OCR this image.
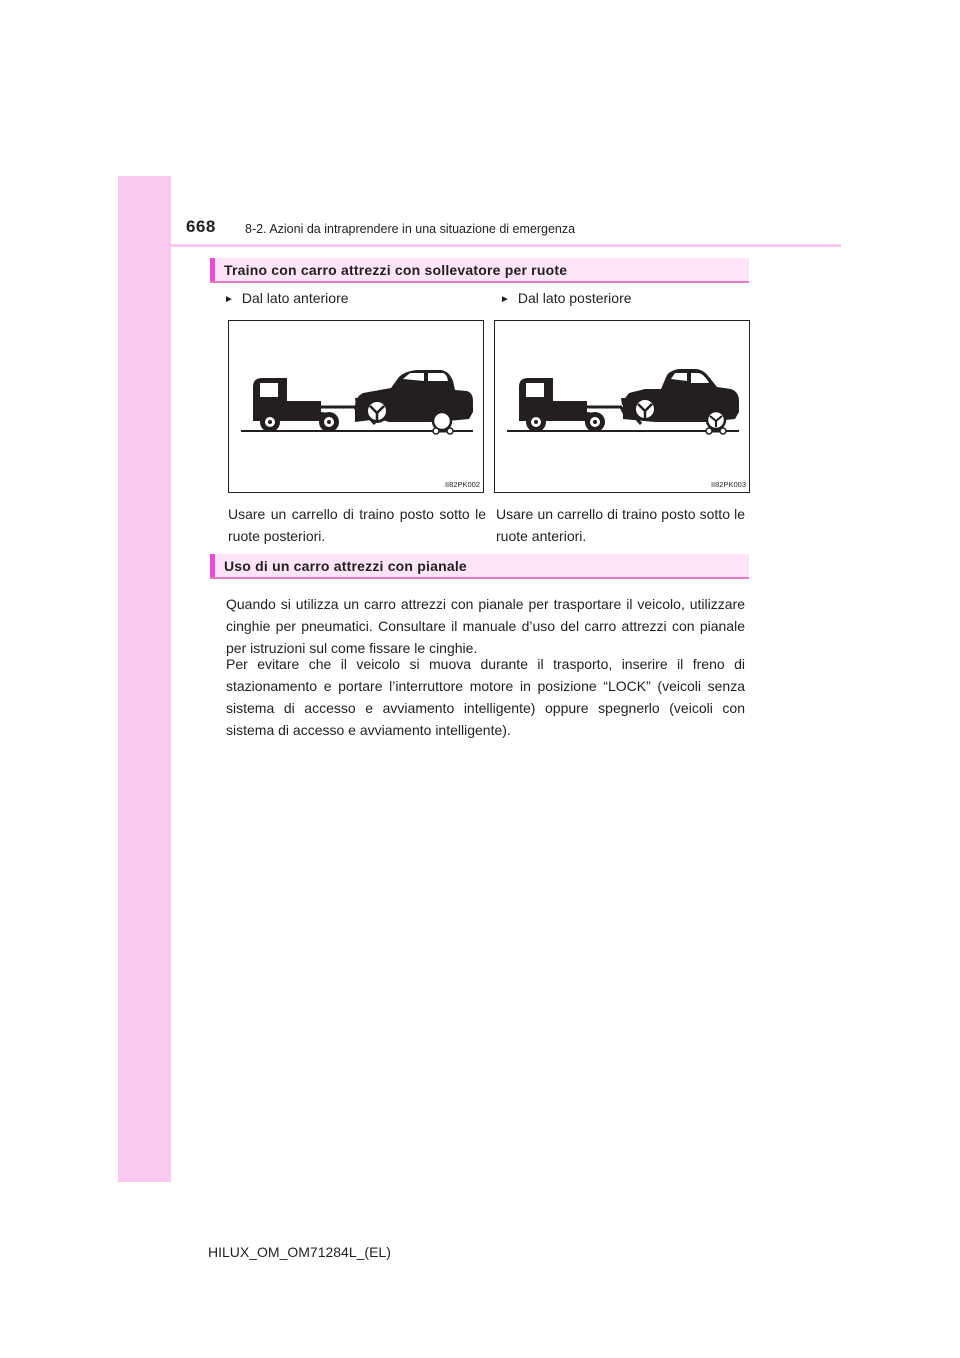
668 8-2. Azioni da intraprendere in una situazione di emergenza
Traino con carro attrezzi con sollevatore per ruote
► Dal lato anteriore	► Dal lato posteriore
II82PK002	II82PK003
Usare un carrello di traino posto sotto le ruote posteriori.
Usare un carrello di traino posto sotto le ruote anteriori.
Uso di un carro attrezzi con pianale
Quando si utilizza un carro attrezzi con pianale per trasportare il veicolo, utilizzare cinghie per pneumatici. Consultare il manuale d’uso del carro attrezzi con pianale per istruzioni sul come fissare le cinghie.
Per evitare che il veicolo si muova durante il trasporto, inserire il freno di stazionamento e portare l’interruttore motore in posizione “LOCK” (veicoli senza sistema di accesso e avviamento intelligente) oppure spegnerlo (veicoli con sistema di accesso e avviamento intelligente).
HILUX_OM_OM71284L_(EL)
